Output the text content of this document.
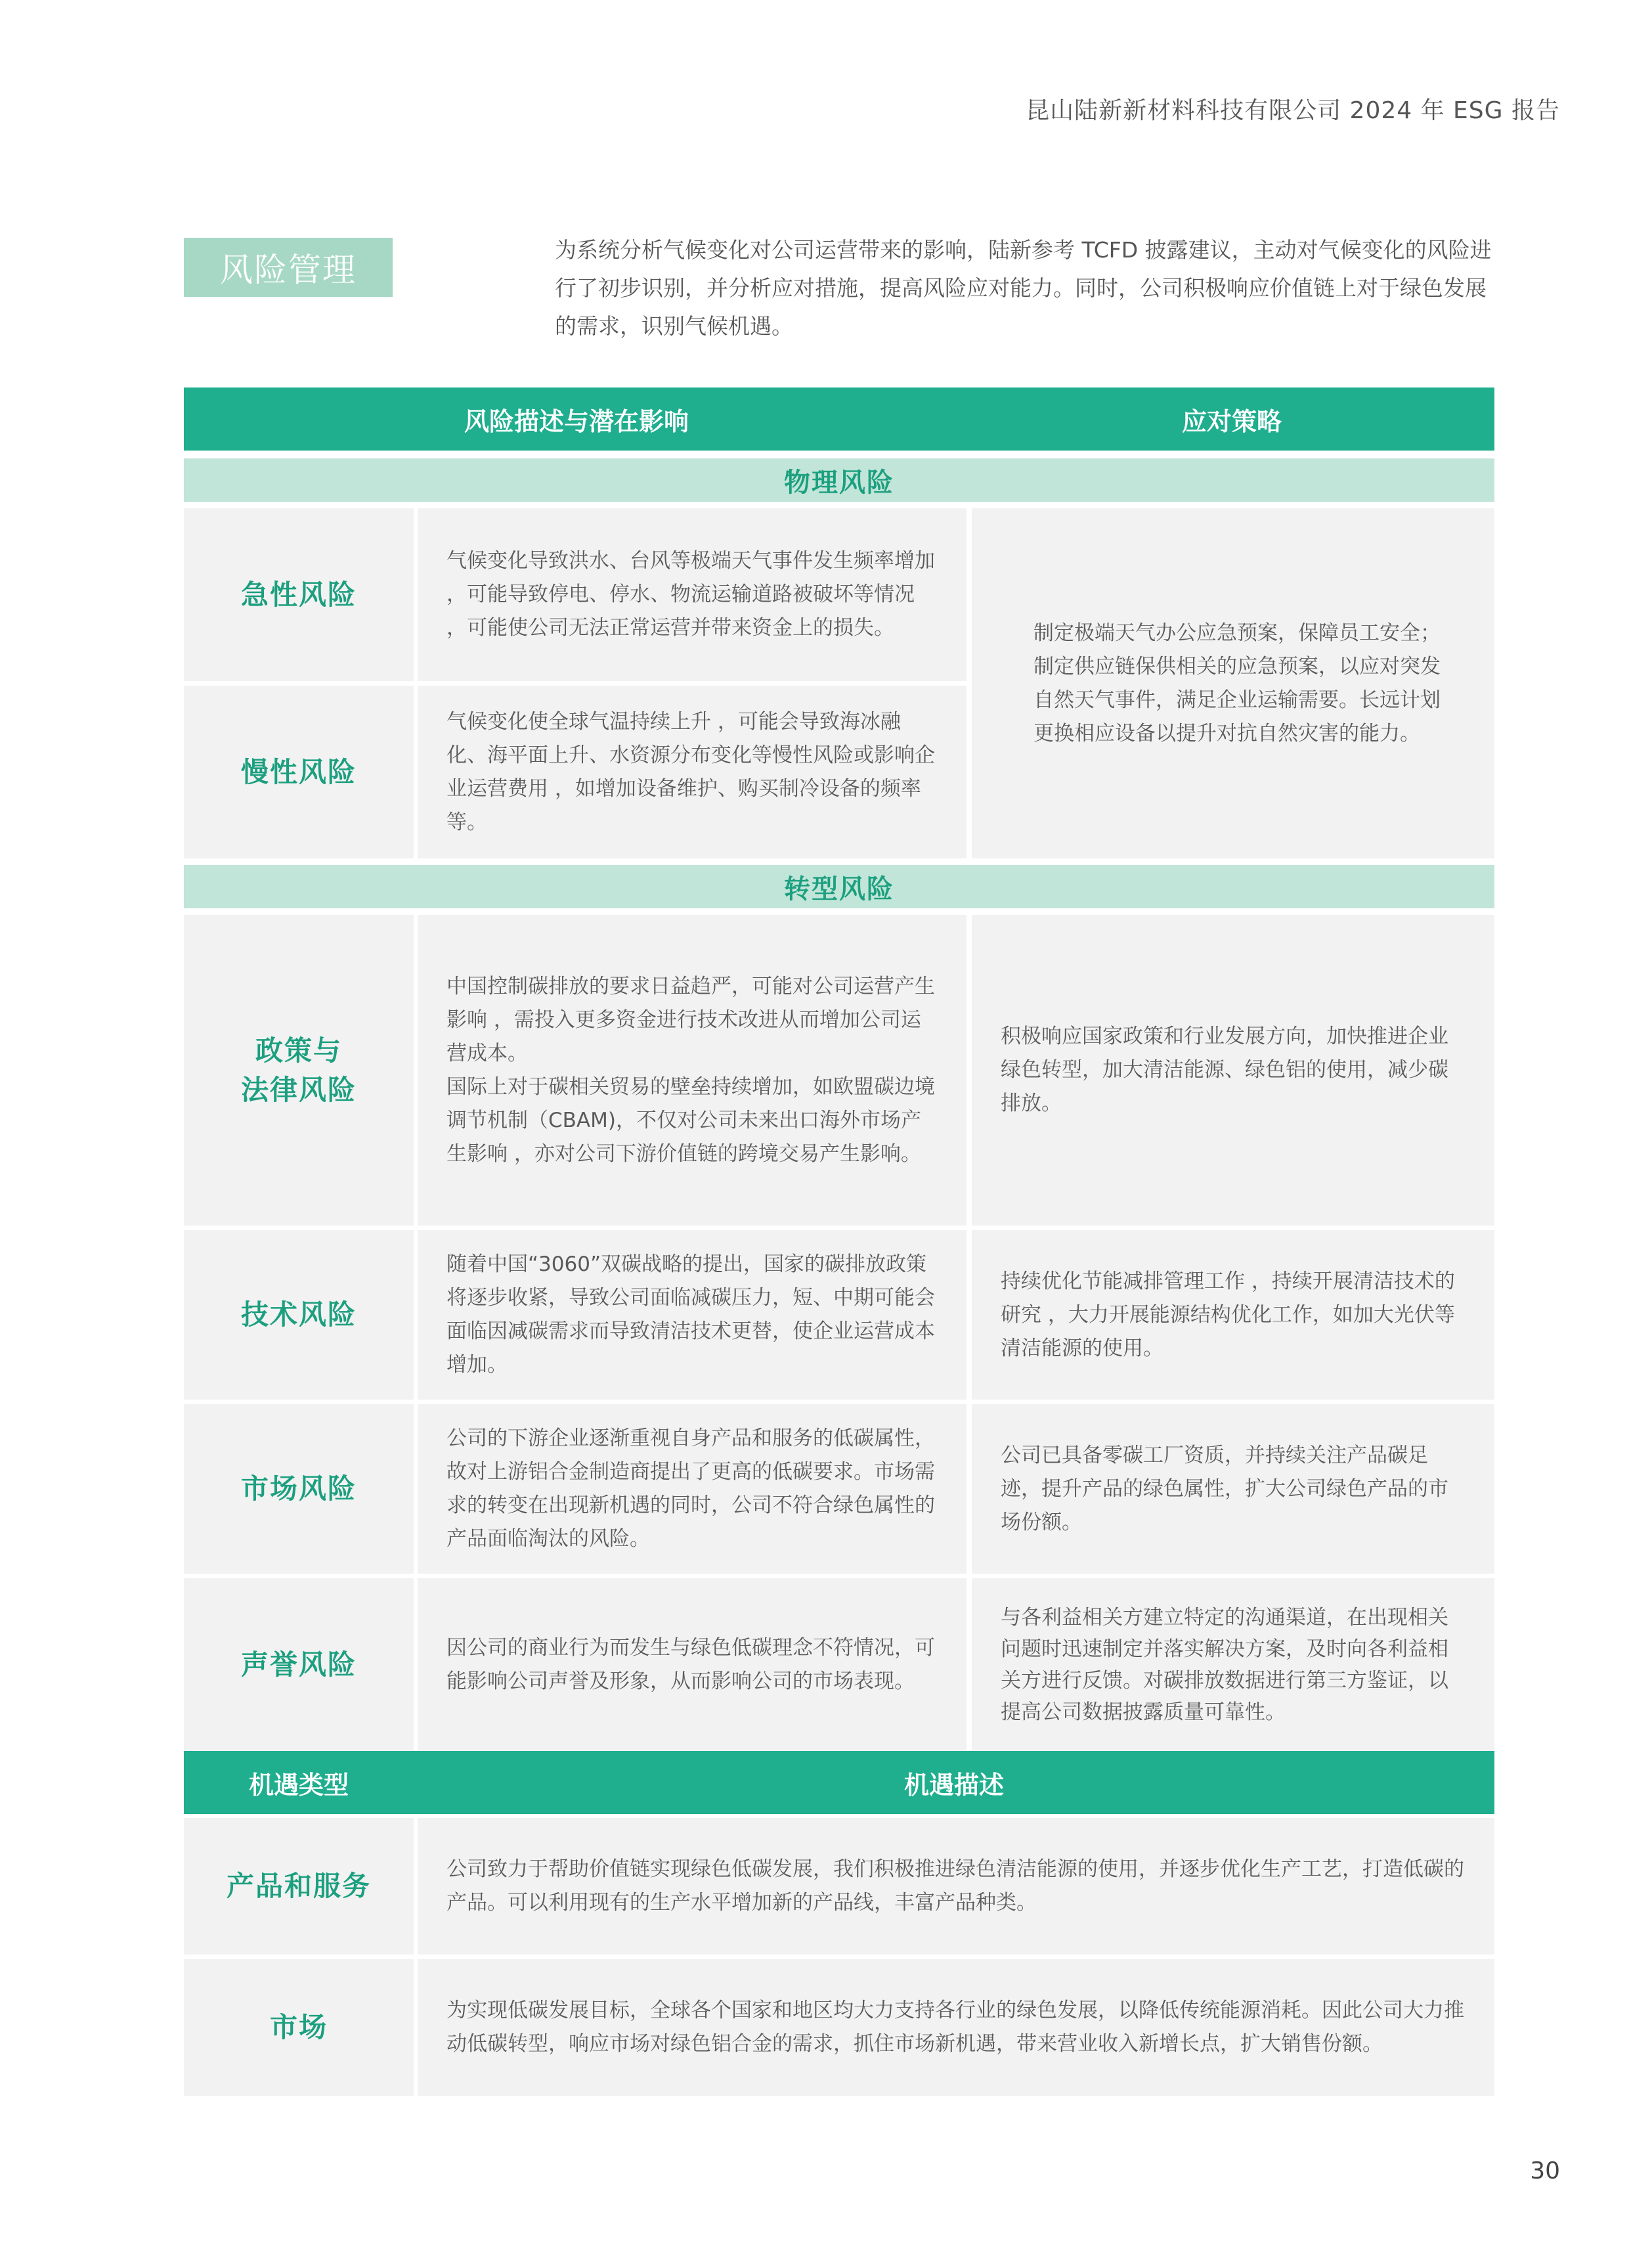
昆山陆新新材料科技有限公司 2024 年 ESG 报告
风险管理

为系统分析气候变化对公司运营带来的影响，陆新参考 TCFD 披露建议，主动对气候变化的风险进行了初步识别，并分析应对措施，提高风险应对能力。同时，公司积极响应价值链上对于绿色发展的需求，识别气候机遇。

风险描述与潜在影响	应对策略
物理风险
急性风险

气候变化导致洪水、台风等极端天气事件发生频率增加 ，可能导致停电、停水、物流运输道路被破坏等情况 ，可能使公司无法正常运营并带来资金上的损失。

慢性风险

气候变化使全球气温持续上升 ，可能会导致海冰融化、海平面上升、水资源分布变化等慢性风险或影响企业运营费用 ，如增加设备维护、购买制冷设备的频率等。

制定极端天气办公应急预案，保障员工安全；

制定供应链保供相关的应急预案，以应对突发自然天气事件，满足企业运输需要。长远计划更换相应设备以提升对抗自然灾害的能力。

转型风险
政策与
法律风险

中国控制碳排放的要求日益趋严，可能对公司运营产生影响 ，需投入更多资金进行技术改进从而增加公司运营成本。

国际上对于碳相关贸易的壁垒持续增加，如欧盟碳边境调节机制（CBAM)，不仅对公司未来出口海外市场产生影响 ，亦对公司下游价值链的跨境交易产生影响。

积极响应国家政策和行业发展方向，加快推进企业绿色转型，加大清洁能源、绿色铝的使用，减少碳排放。

技术风险

随着中国“3060”双碳战略的提出，国家的碳排放政策将逐步收紧，导致公司面临减碳压力，短、中期可能会面临因减碳需求而导致清洁技术更替，使企业运营成本增加。

持续优化节能减排管理工作 ，持续开展清洁技术的研究 ，大力开展能源结构优化工作，如加大光伏等清洁能源的使用。

市场风险

公司的下游企业逐渐重视自身产品和服务的低碳属性，故对上游铝合金制造商提出了更高的低碳要求。市场需求的转变在出现新机遇的同时，公司不符合绿色属性的产品面临淘汰的风险。

公司已具备零碳工厂资质，并持续关注产品碳足迹，提升产品的绿色属性，扩大公司绿色产品的市场份额。

声誉风险

因公司的商业行为而发生与绿色低碳理念不符情况，可能影响公司声誉及形象，从而影响公司的市场表现。

与各利益相关方建立特定的沟通渠道，在出现相关问题时迅速制定并落实解决方案，及时向各利益相关方进行反馈。对碳排放数据进行第三方鉴证，以提高公司数据披露质量可靠性。

机遇类型	机遇描述
产品和服务

公司致力于帮助价值链实现绿色低碳发展，我们积极推进绿色清洁能源的使用，并逐步优化生产工艺，打造低碳的产品。可以利用现有的生产水平增加新的产品线，丰富产品种类。

市场

为实现低碳发展目标，全球各个国家和地区均大力支持各行业的绿色发展，以降低传统能源消耗。因此公司大力推动低碳转型，响应市场对绿色铝合金的需求，抓住市场新机遇，带来营业收入新增长点，扩大销售份额。

30
